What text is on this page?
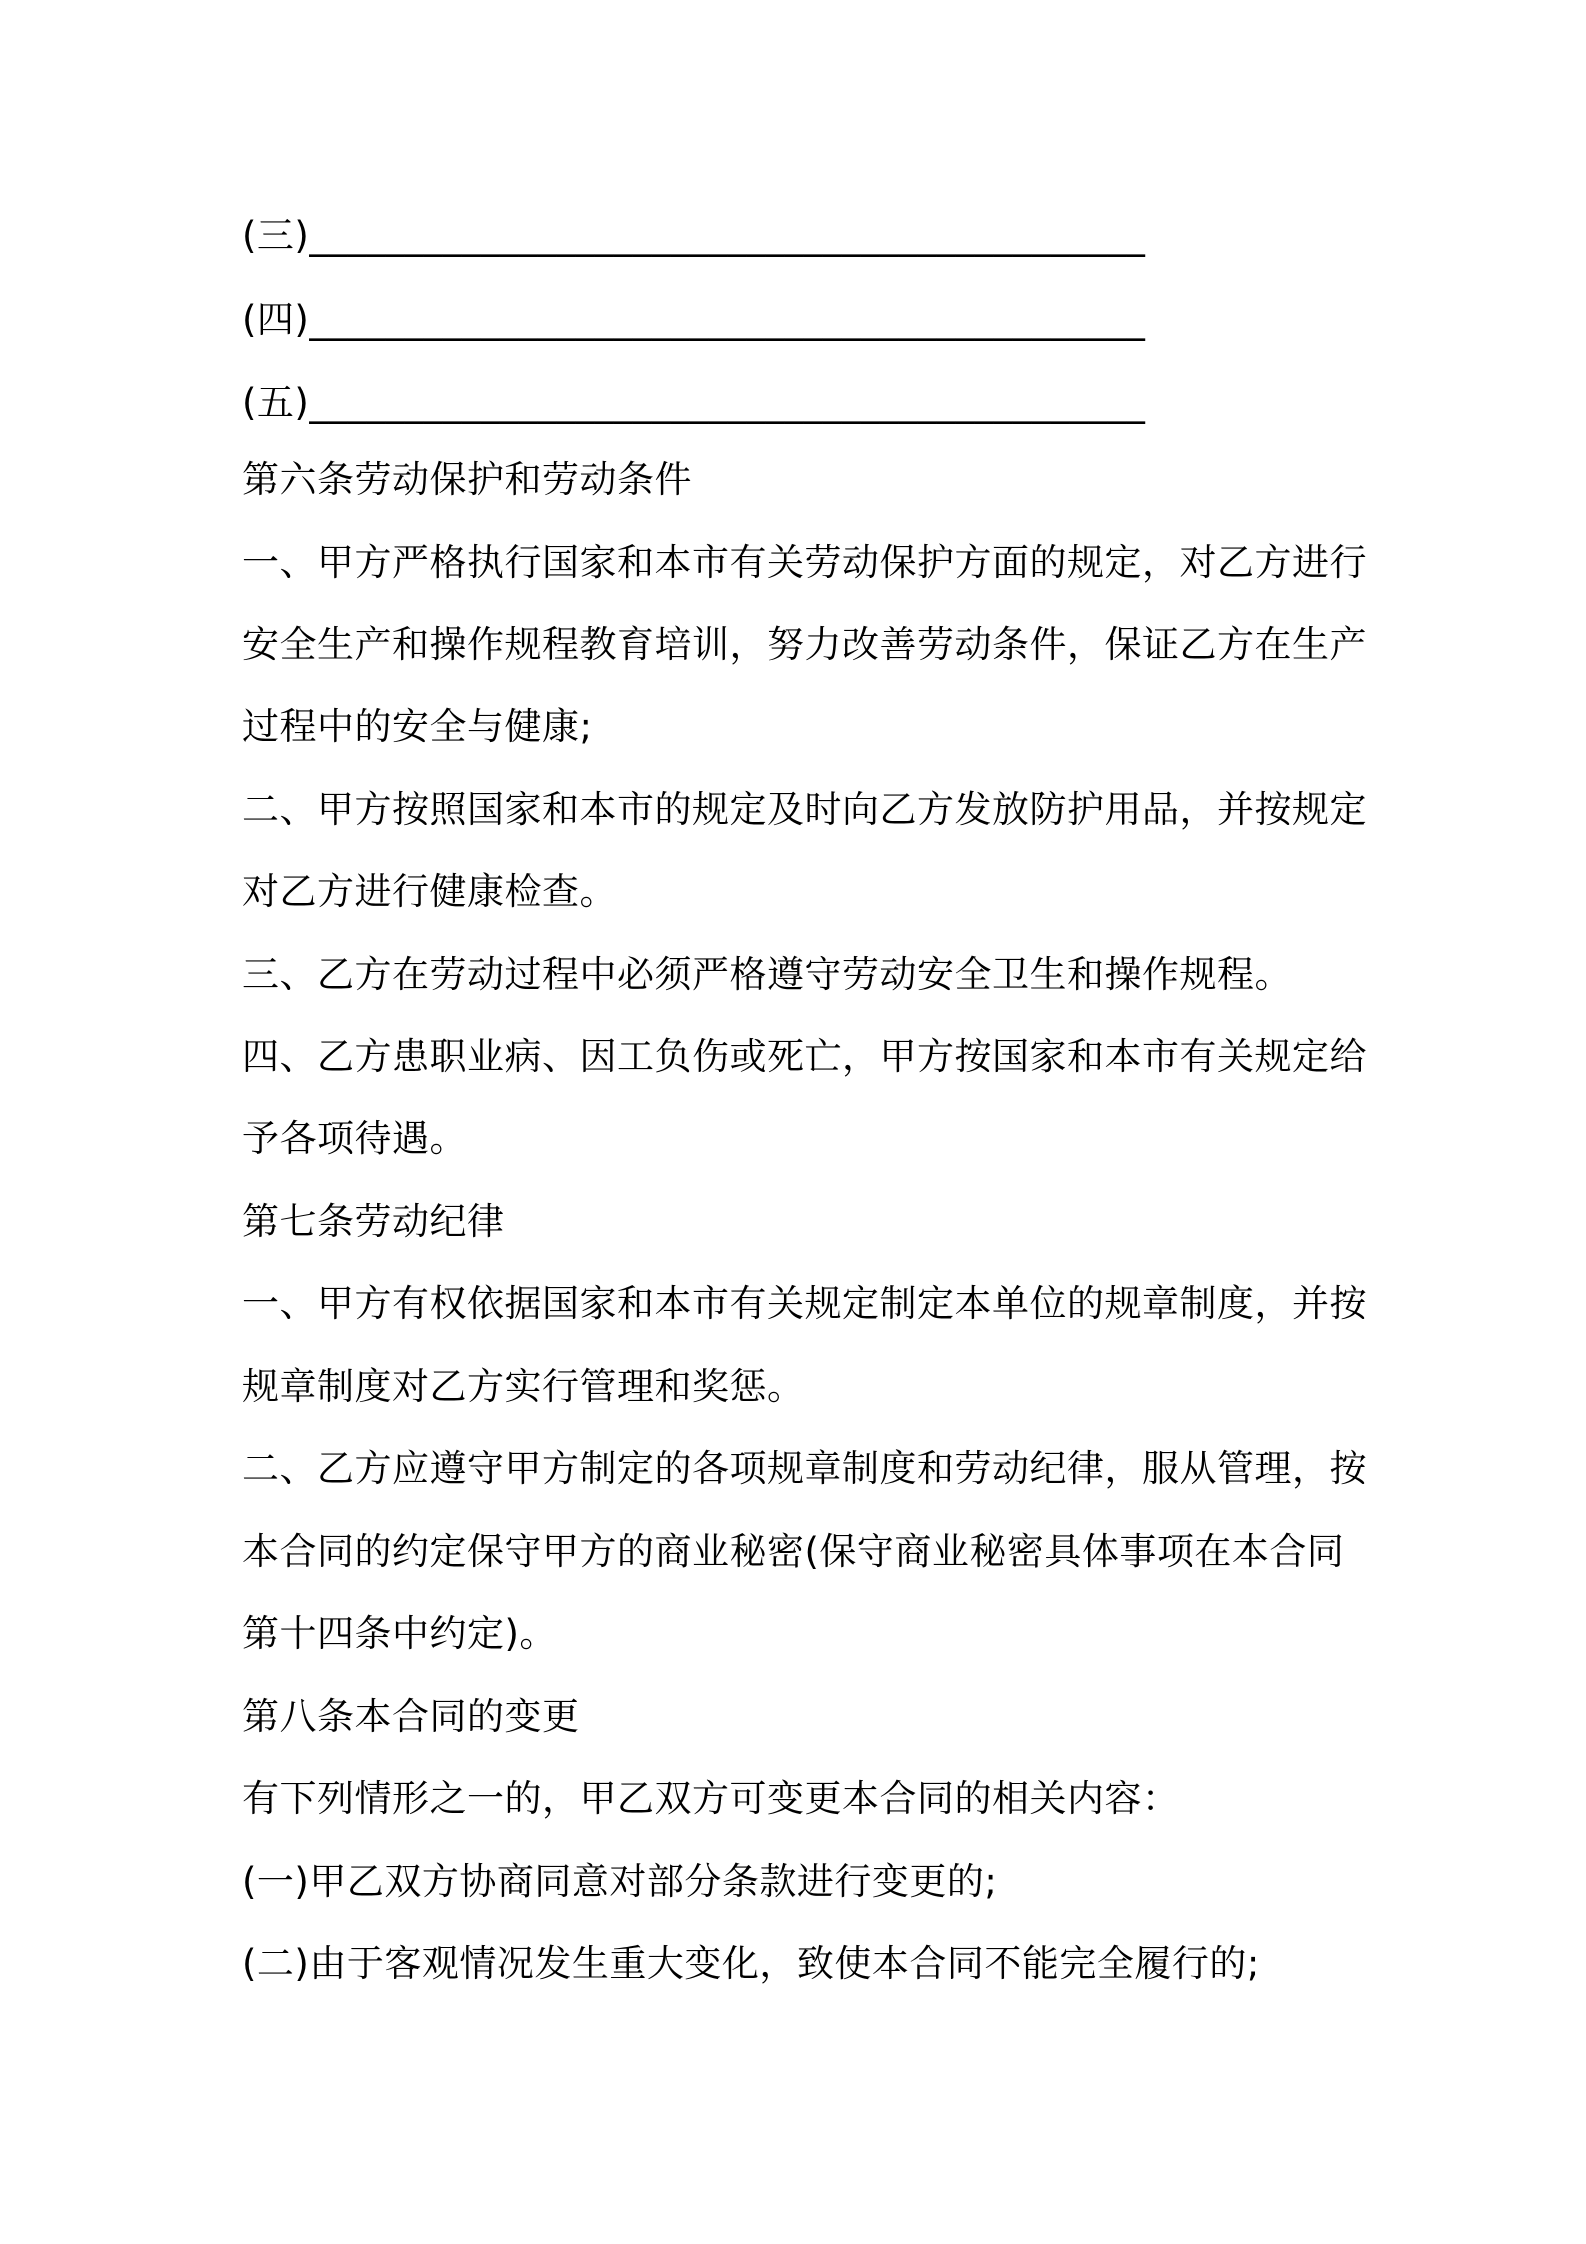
(三)____________________________________________
(四)____________________________________________
(五)____________________________________________
第六条劳动保护和劳动条件
一、甲方严格执行国家和本市有关劳动保护方面的规定，对乙方进行
安全生产和操作规程教育培训，努力改善劳动条件，保证乙方在生产
过程中的安全与健康;
二、甲方按照国家和本市的规定及时向乙方发放防护用品，并按规定
对乙方进行健康检查。
三、乙方在劳动过程中必须严格遵守劳动安全卫生和操作规程。
四、乙方患职业病、因工负伤或死亡，甲方按国家和本市有关规定给
予各项待遇。
第七条劳动纪律
一、甲方有权依据国家和本市有关规定制定本单位的规章制度，并按
规章制度对乙方实行管理和奖惩。
二、乙方应遵守甲方制定的各项规章制度和劳动纪律，服从管理，按
本合同的约定保守甲方的商业秘密(保守商业秘密具体事项在本合同
第十四条中约定)。
第八条本合同的变更
有下列情形之一的，甲乙双方可变更本合同的相关内容：
(一)甲乙双方协商同意对部分条款进行变更的;
(二)由于客观情况发生重大变化，致使本合同不能完全履行的;
